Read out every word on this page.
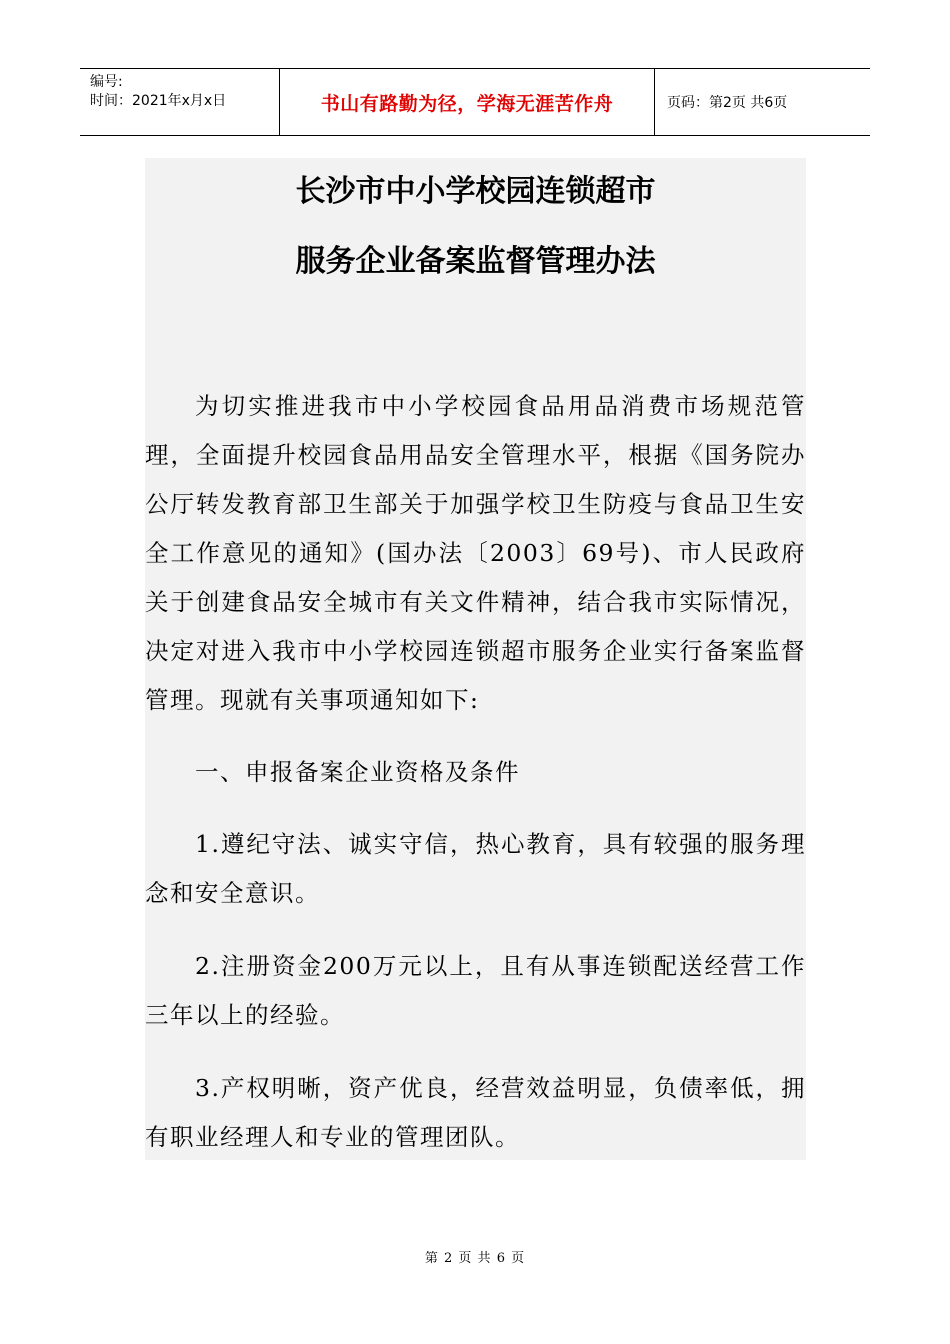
编号:
时间：2021年x月x日	书山有路勤为径，学海无涯苦作舟	页码：第2页 共6页
长沙市中小学校园连锁超市
服务企业备案监督管理办法

为切实推进我市中小学校园食品用品消费市场规范管理，全面提升校园食品用品安全管理水平，根据《国务院办公厅转发教育部卫生部关于加强学校卫生防疫与食品卫生安全工作意见的通知》(国办法〔2003〕69号)、市人民政府关于创建食品安全城市有关文件精神，结合我市实际情况，决定对进入我市中小学校园连锁超市服务企业实行备案监督管理。现就有关事项通知如下:

一、申报备案企业资格及条件

1.遵纪守法、诚实守信，热心教育，具有较强的服务理念和安全意识。

2.注册资金200万元以上，且有从事连锁配送经营工作三年以上的经验。

3.产权明晰，资产优良，经营效益明显，负债率低，拥有职业经理人和专业的管理团队。

第 2 页 共 6 页
